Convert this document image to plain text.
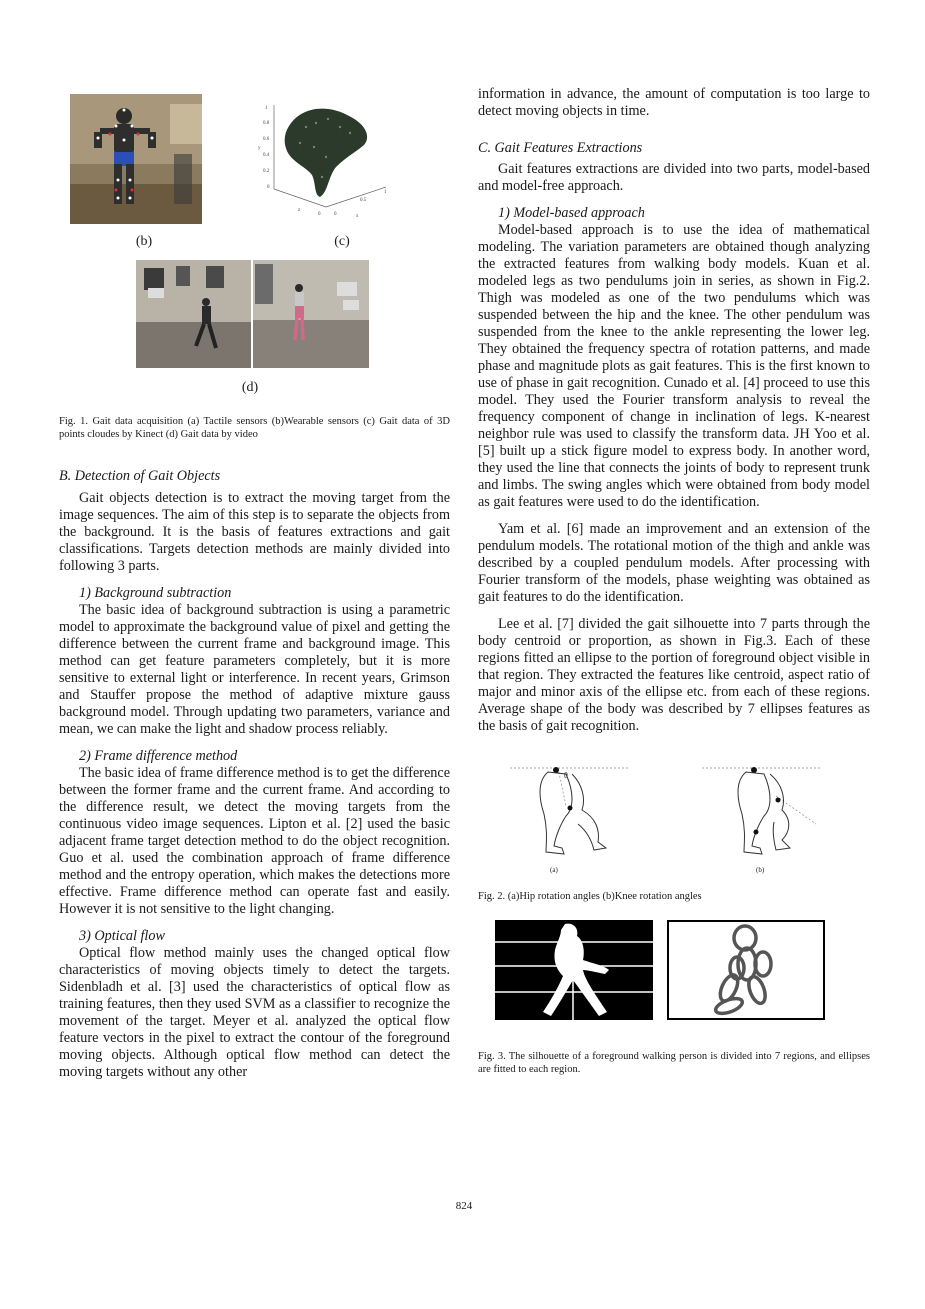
1
0.8
0.6
0.4
0.2
0
y
z
0	0
0.5
1
x
(b)	(c)
(d)
Fig. 1. Gait data acquisition (a) Tactile sensors (b)Wearable sensors (c) Gait data of 3D points cloudes by Kinect (d) Gait data by video
B. Detection of Gait Objects

Gait objects detection is to extract the moving target from the image sequences. The aim of this step is to separate the objects from the background. It is the basis of features extractions and gait classifications. Targets detection methods are mainly divided into following 3 parts.

1) Background subtraction

The basic idea of background subtraction is using a parametric model to approximate the background value of pixel and getting the difference between the current frame and background image. This method can get feature parameters completely, but it is more sensitive to external light or interference. In recent years, Grimson and Stauffer propose the method of adaptive mixture gauss background model. Through updating two parameters, variance and mean, we can make the light and shadow process reliably.

2) Frame difference method

The basic idea of frame difference method is to get the difference between the former frame and the current frame. And according to the difference result, we detect the moving targets from the continuous video image sequences. Lipton et al. [2] used the basic adjacent frame target detection method to do the object recognition. Guo et al. used the combination approach of frame difference method and the entropy operation, which makes the detections more effective. Frame difference method can operate fast and easily. However it is not sensitive to the light changing.

3) Optical flow

Optical flow method mainly uses the changed optical flow characteristics of moving objects timely to detect the targets. Sidenbladh et al. [3] used the characteristics of optical flow as training features, then they used SVM as a classifier to recognize the movement of the target. Meyer et al. analyzed the optical flow feature vectors in the pixel to extract the contour of the foreground moving objects. Although optical flow method can detect the moving targets without any other

information in advance, the amount of computation is too large to detect moving objects in time.

C. Gait Features Extractions

Gait features extractions are divided into two parts, model-based and model-free approach.

1) Model-based approach

Model-based approach is to use the idea of mathematical modeling. The variation parameters are obtained though analyzing the extracted features from walking body models. Kuan et al. modeled legs as two pendulums join in series, as shown in Fig.2. Thigh was modeled as one of the two pendulums which was suspended between the hip and the knee. The other pendulum was suspended from the knee to the ankle representing the lower leg. They obtained the frequency spectra of rotation patterns, and made phase and magnitude plots as gait features. This is the first known to use of phase in gait recognition. Cunado et al. [4] proceed to use this model. They used the Fourier transform analysis to reveal the frequency component of change in inclination of legs. K-nearest neighbor rule was used to classify the transform data. JH Yoo et al. [5] built up a stick figure model to express body. In another word, they used the line that connects the joints of body to represent trunk and limbs. The swing angles which were obtained from body model as gait features were used to do the identification.

Yam et al. [6] made an improvement and an extension of the pendulum models. The rotational motion of the thigh and ankle was described by a coupled pendulum models. After processing with Fourier transform of the models, phase weighting was obtained as gait features to do the identification.

Lee et al. [7] divided the gait silhouette into 7 parts through the body centroid or proportion, as shown in Fig.3. Each of these regions fitted an ellipse to the portion of foreground object visible in that region. They extracted the features like centroid, aspect ratio of major and minor axis of the ellipse etc. from each of these regions. Average shape of the body was described by 7 ellipses features as the basis of gait recognition.

θ
(a)	(b)
Fig. 2. (a)Hip rotation angles (b)Knee rotation angles
Fig. 3. The silhouette of a foreground walking person is divided into 7 regions, and ellipses are fitted to each region.
824
